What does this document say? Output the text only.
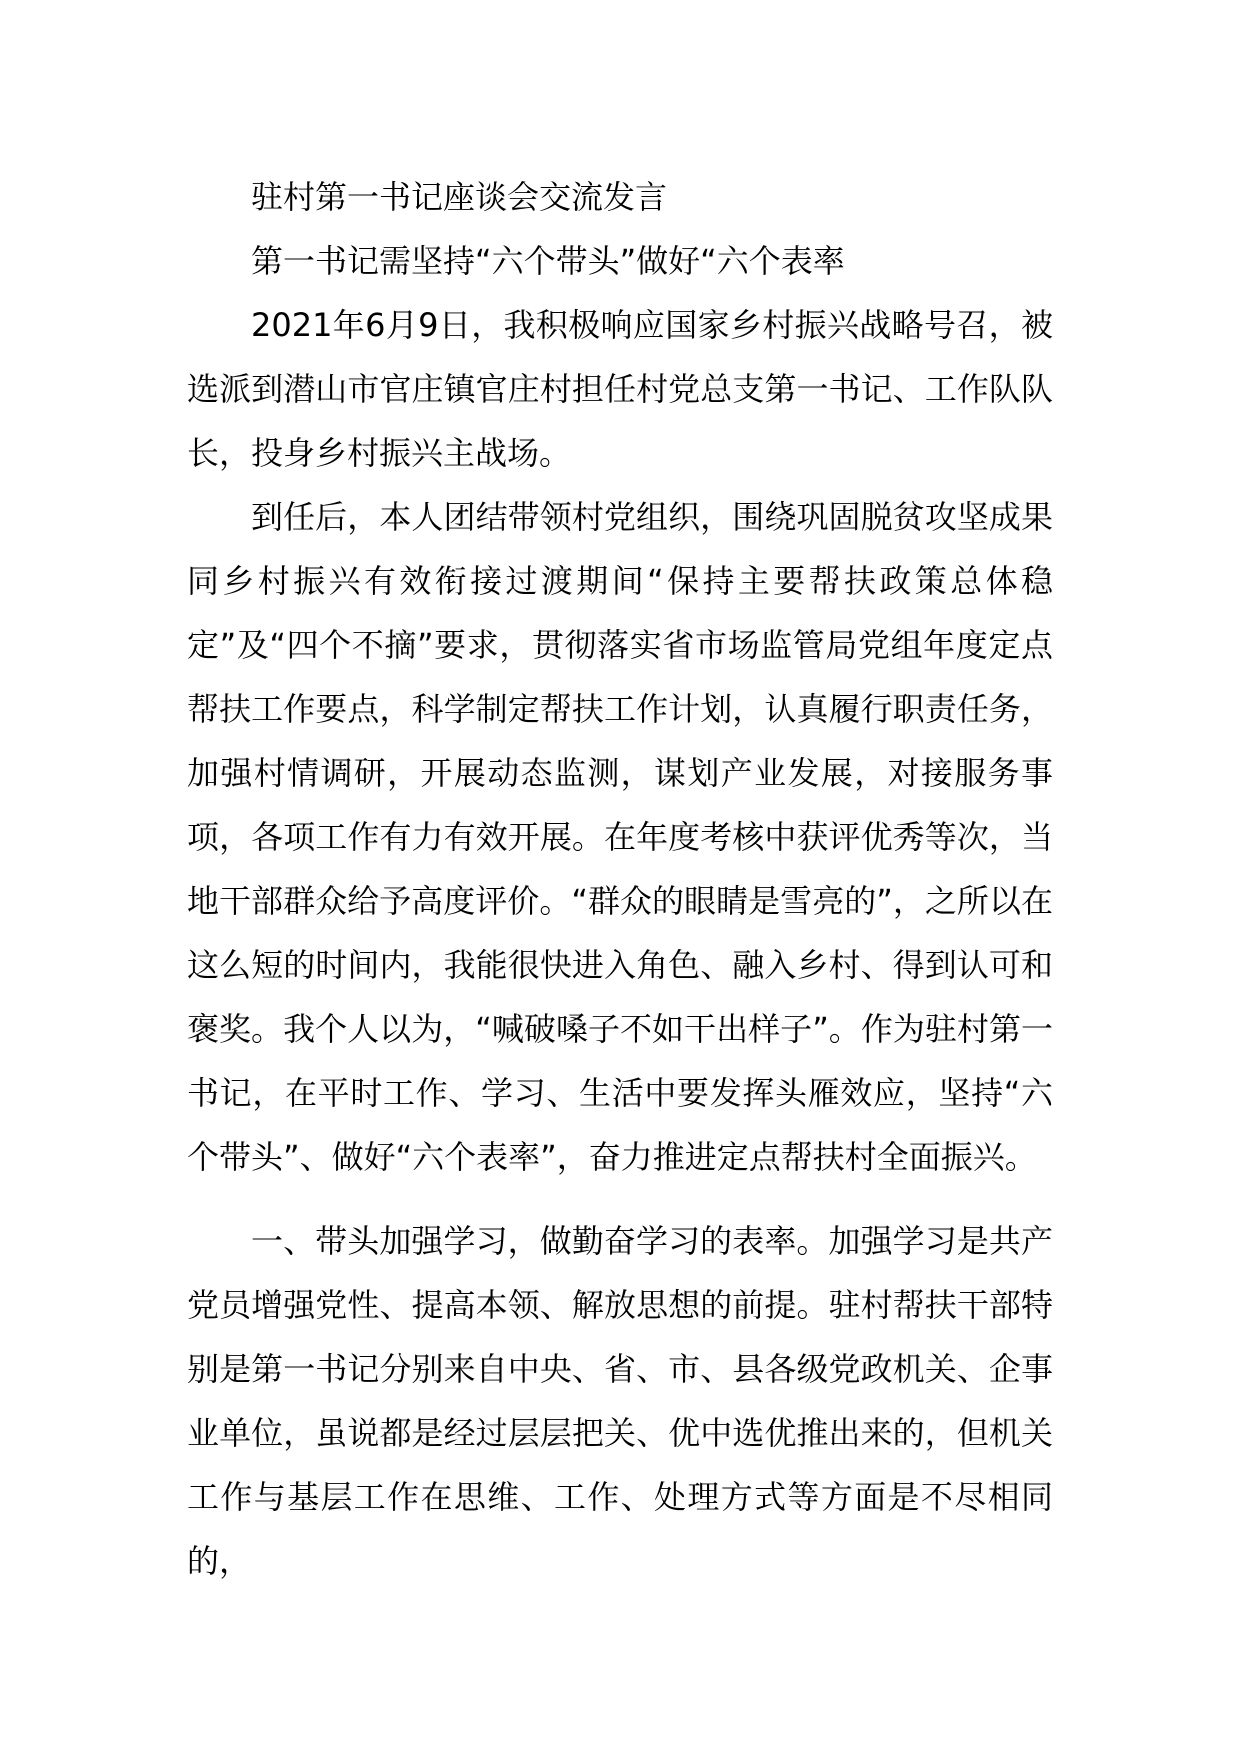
驻村第一书记座谈会交流发言

第一书记需坚持“六个带头”做好“六个表率

2021年6月9日，我积极响应国家乡村振兴战略号召，被选派到潜山市官庄镇官庄村担任村党总支第一书记、工作队队长，投身乡村振兴主战场。

到任后，本人团结带领村党组织，围绕巩固脱贫攻坚成果同乡村振兴有效衔接过渡期间“保持主要帮扶政策总体稳定”及“四个不摘”要求，贯彻落实省市场监管局党组年度定点帮扶工作要点，科学制定帮扶工作计划，认真履行职责任务，加强村情调研，开展动态监测，谋划产业发展，对接服务事项，各项工作有力有效开展。在年度考核中获评优秀等次，当地干部群众给予高度评价。“群众的眼睛是雪亮的”，之所以在这么短的时间内，我能很快进入角色、融入乡村、得到认可和褒奖。我个人以为，“喊破嗓子不如干出样子”。作为驻村第一书记，在平时工作、学习、生活中要发挥头雁效应，坚持“六个带头”、做好“六个表率”，奋力推进定点帮扶村全面振兴。

一、带头加强学习，做勤奋学习的表率。加强学习是共产党员增强党性、提高本领、解放思想的前提。驻村帮扶干部特别是第一书记分别来自中央、省、市、县各级党政机关、企事业单位，虽说都是经过层层把关、优中选优推出来的，但机关工作与基层工作在思维、工作、处理方式等方面是不尽相同的，
